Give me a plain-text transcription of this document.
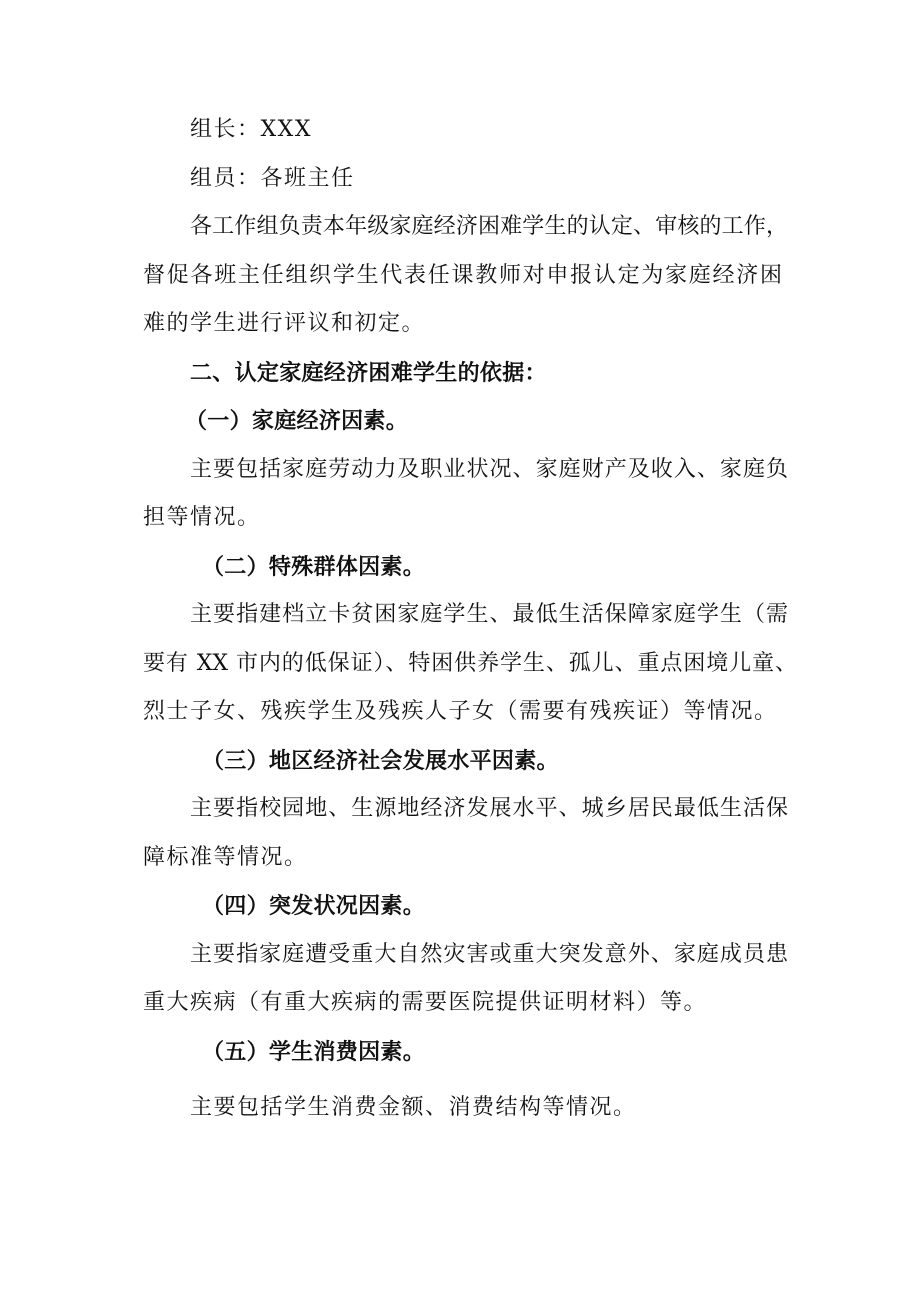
组长：XXX
组员：各班主任
各工作组负责本年级家庭经济困难学生的认定、审核的工作，
督促各班主任组织学生代表任课教师对申报认定为家庭经济困
难的学生进行评议和初定。
二、认定家庭经济困难学生的依据：
（一）家庭经济因素。
主要包括家庭劳动力及职业状况、家庭财产及收入、家庭负
担等情况。
（二）特殊群体因素。
主要指建档立卡贫困家庭学生、最低生活保障家庭学生（需
要有 XX 市内的低保证）、特困供养学生、孤儿、重点困境儿童、
烈士子女、残疾学生及残疾人子女（需要有残疾证）等情况。
（三）地区经济社会发展水平因素。
主要指校园地、生源地经济发展水平、城乡居民最低生活保
障标准等情况。
（四）突发状况因素。
主要指家庭遭受重大自然灾害或重大突发意外、家庭成员患
重大疾病（有重大疾病的需要医院提供证明材料）等。
（五）学生消费因素。
主要包括学生消费金额、消费结构等情况。
